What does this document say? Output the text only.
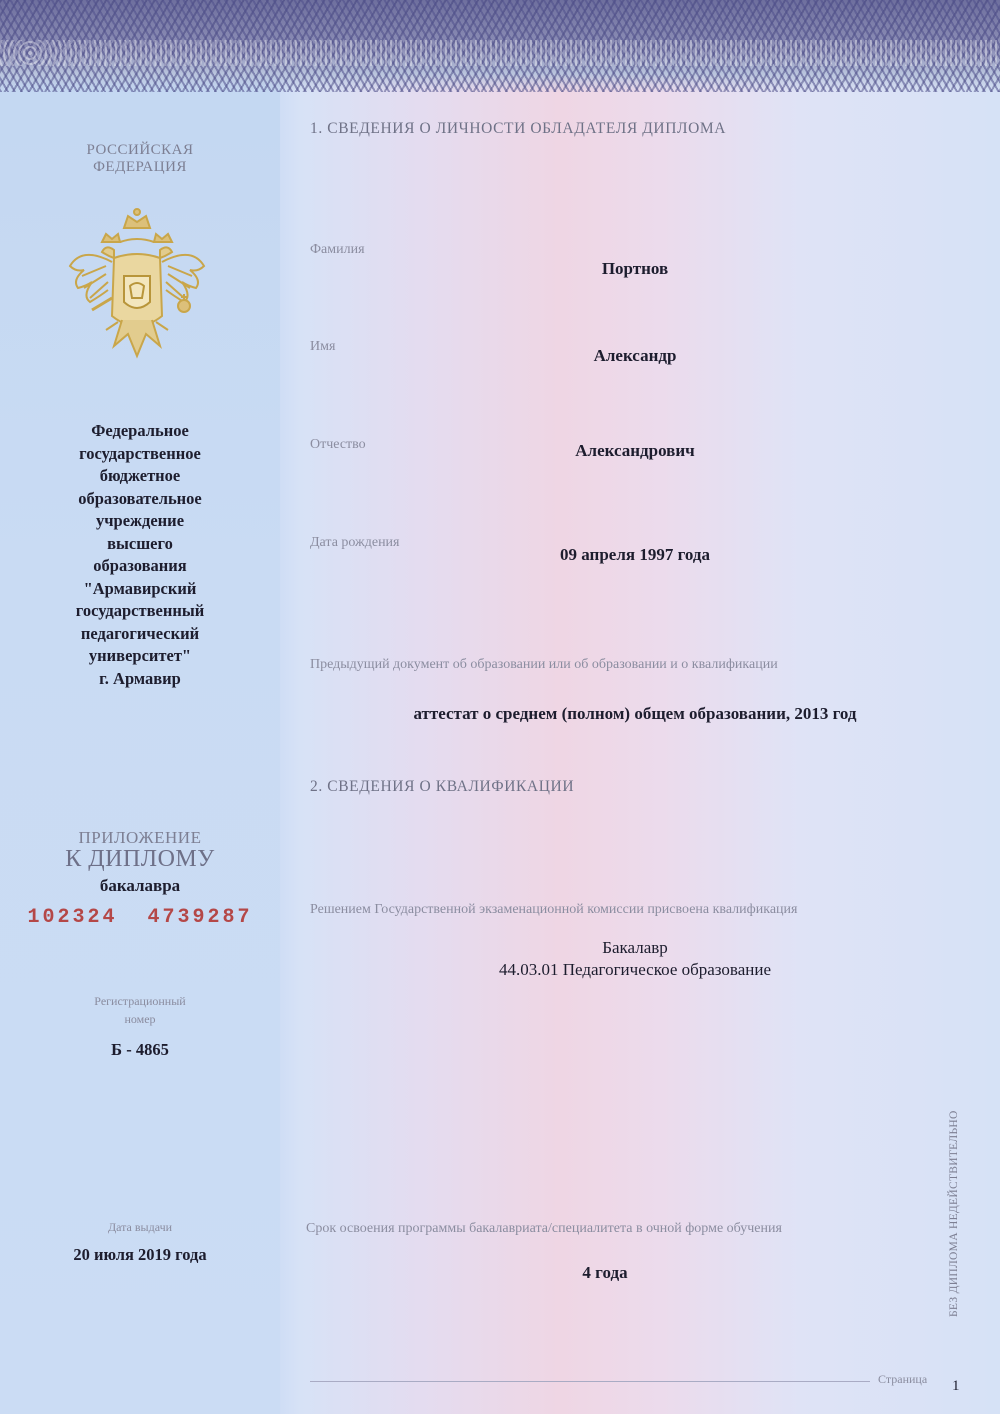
РОССИЙСКАЯ
ФЕДЕРАЦИЯ
Федеральное
государственное
бюджетное
образовательное
учреждение
высшего
образования
"Армавирский
государственный
педагогический
университет"
г. Армавир
ПРИЛОЖЕНИЕ
К ДИПЛОМУ
бакалавра
102324  4739287
Регистрационный
номер
Б - 4865
Дата выдачи
20 июля 2019 года
1. СВЕДЕНИЯ О ЛИЧНОСТИ ОБЛАДАТЕЛЯ ДИПЛОМА
Фамилия
Портнов
Имя	Александр
Отчество	Александрович
Дата рождения
09 апреля 1997 года
Предыдущий документ об образовании или об образовании и о квалификации
аттестат о среднем (полном) общем образовании, 2013 год
2. СВЕДЕНИЯ О КВАЛИФИКАЦИИ
Решением Государственной экзаменационной комиссии присвоена квалификация
Бакалавр
44.03.01 Педагогическое образование
Срок освоения программы бакалавриата/специалитета в очной форме обучения
4 года	БЕЗ ДИПЛОМА НЕДЕЙСТВИТЕЛЬНО
Страница 1
